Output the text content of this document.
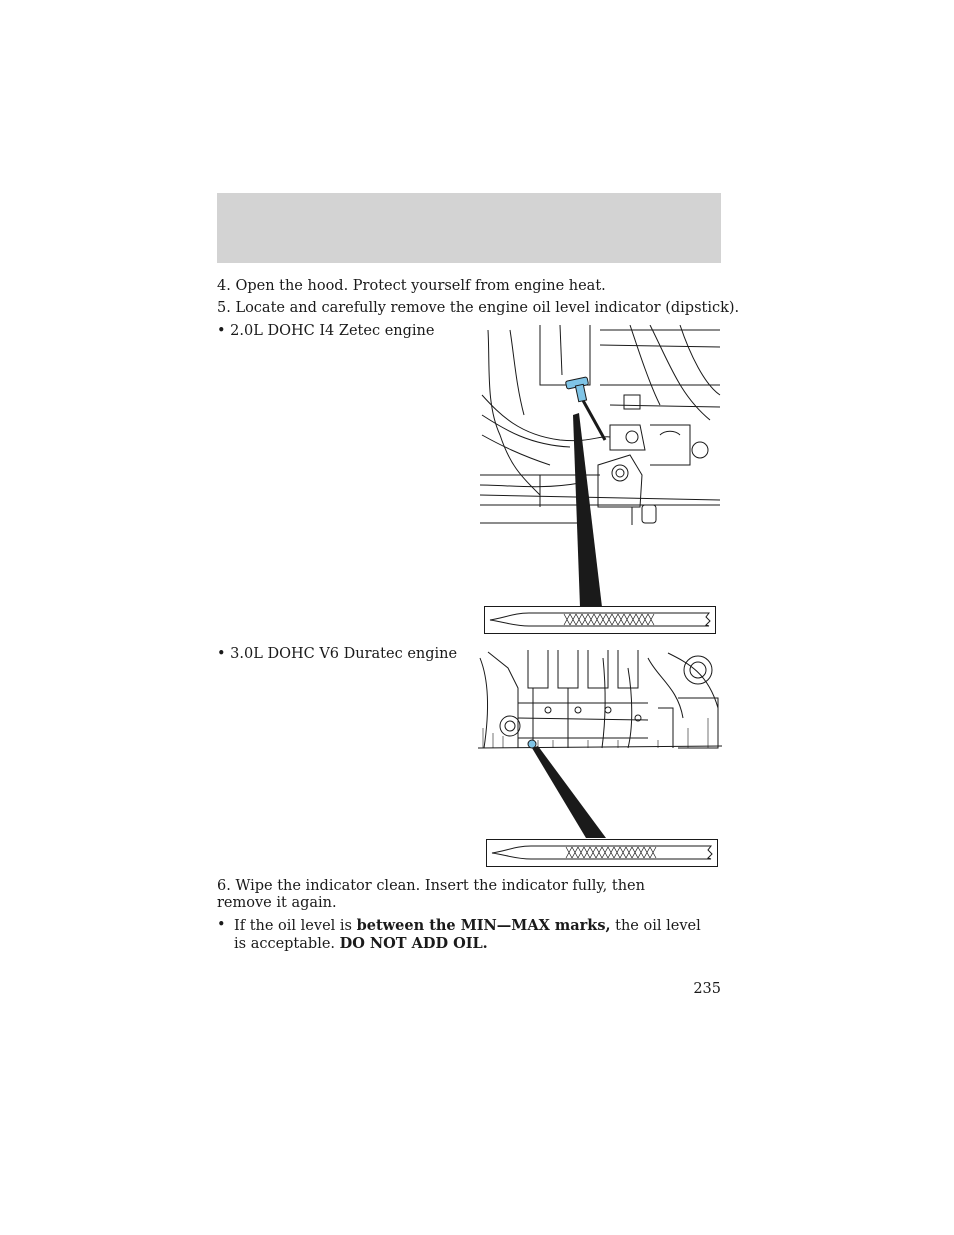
4. Open the hood. Protect yourself from engine heat.
5. Locate and carefully remove the engine oil level indicator (dipstick).
• 2.0L DOHC I4 Zetec engine
• 3.0L DOHC V6 Duratec engine
6. Wipe the indicator clean. Insert the indicator fully, then remove it again.
• If the oil level is between the MIN—MAX marks, the oil level is acceptable. DO NOT ADD OIL.
235
